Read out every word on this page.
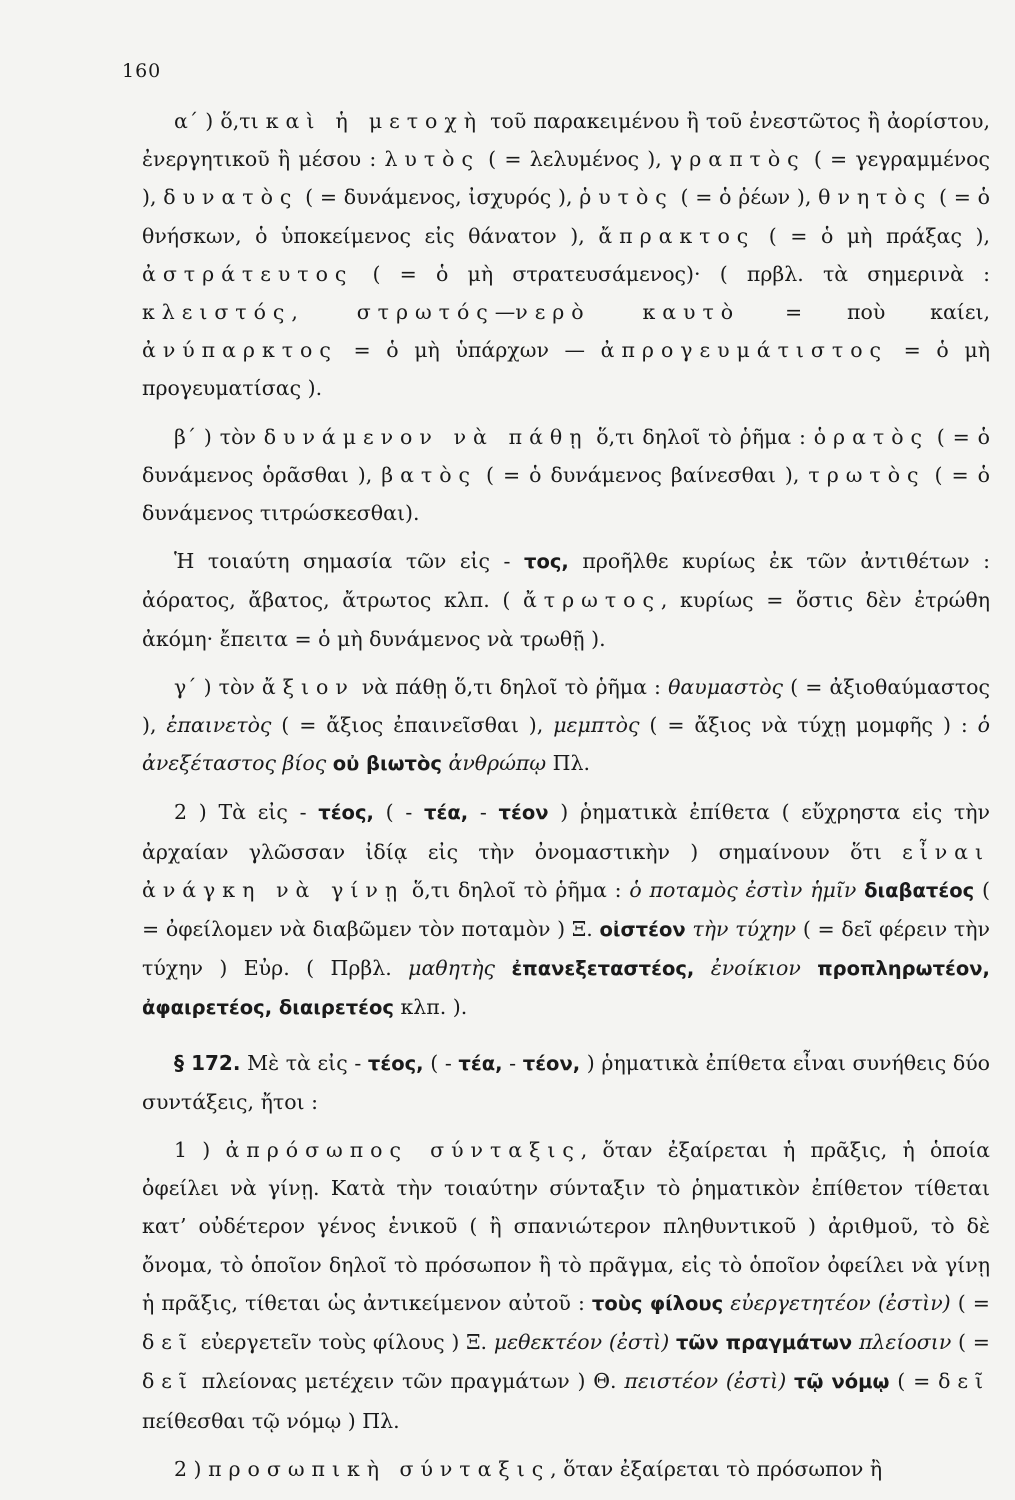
160

α΄ ) ὅ,τι καὶ ἡ μετοχὴ τοῦ παρακειμένου ἢ τοῦ ἐνεστῶτος ἢ ἀορίστου, ἐνεργητικοῦ ἢ μέσου : λυτὸς ( = λελυμένος ), γραπτὸς ( = γεγραμμένος ), δυνατὸς ( = δυνάμενος, ἰσχυρός ), ῥυτὸς ( = ὁ ῥέων ), θνητὸς ( = ὁ θνήσκων, ὁ ὑποκείμενος εἰς θάνατον ), ἄπρακτος ( = ὁ μὴ πράξας ), ἀστράτευτος ( = ὁ μὴ στρατευσάμενος)· ( πρβλ. τὰ σημερινὰ : κλειστός, στρωτός—νερὸ καυτὸ = ποὺ καίει, ἀνύπαρκτος = ὁ μὴ ὑπάρχων — ἀπρογευμάτιστος = ὁ μὴ προγευματίσας ).

β΄ ) τὸν δυνάμενον νὰ πάθῃ ὅ,τι δηλοῖ τὸ ῥῆμα : ὁρατὸς ( = ὁ δυνάμενος ὁρᾶσθαι ), βατὸς ( = ὁ δυνάμενος βαίνεσθαι ), τρωτὸς ( = ὁ δυνάμενος τιτρώσκεσθαι).

Ἡ τοιαύτη σημασία τῶν εἰς - τος, προῆλθε κυρίως ἐκ τῶν ἀντιθέτων : ἀόρατος, ἄβατος, ἄτρωτος κλπ. ( ἄτρωτος, κυρίως = ὅστις δὲν ἐτρώθη ἀκόμη· ἔπειτα = ὁ μὴ δυνάμενος νὰ τρωθῇ ).

γ΄ ) τὸν ἄξιον νὰ πάθῃ ὅ,τι δηλοῖ τὸ ῥῆμα : θαυμαστὸς ( = ἀξιοθαύμαστος ), ἐπαινετὸς ( = ἄξιος ἐπαινεῖσθαι ), μεμπτὸς ( = ἄξιος νὰ τύχῃ μομφῆς ) : ὁ ἀνεξέταστος βίος οὐ βιωτὸς ἀνθρώπῳ Πλ.

2 ) Τὰ εἰς - τέος, ( - τέα, - τέον ) ῥηματικὰ ἐπίθετα ( εὔχρηστα εἰς τὴν ἀρχαίαν γλῶσσαν ἰδίᾳ εἰς τὴν ὀνομαστικὴν ) σημαίνουν ὅτι εἶναι ἀνάγκη νὰ γίνῃ ὅ,τι δηλοῖ τὸ ῥῆμα : ὁ ποταμὸς ἐστὶν ἡμῖν διαβατέος ( = ὀφείλομεν νὰ διαβῶμεν τὸν ποταμὸν ) Ξ. οἰστέον τὴν τύχην ( = δεῖ φέρειν τὴν τύχην ) Εὐρ. ( Πρβλ. μαθητὴς ἐπανεξεταστέος, ἐνοίκιον προπληρωτέον, ἀφαιρετέος, διαιρετέος κλπ. ).

§ 172. Μὲ τὰ εἰς - τέος, ( - τέα, - τέον, ) ῥηματικὰ ἐπίθετα εἶναι συνήθεις δύο συντάξεις, ἤτοι :

1 ) ἀπρόσωπος σύνταξις, ὅταν ἐξαίρεται ἡ πρᾶξις, ἡ ὁποία ὀφείλει νὰ γίνῃ. Κατὰ τὴν τοιαύτην σύνταξιν τὸ ῥηματικὸν ἐπίθετον τίθεται κατ’ οὐδέτερον γένος ἑνικοῦ ( ἢ σπανιώτερον πληθυντικοῦ ) ἀριθμοῦ, τὸ δὲ ὄνομα, τὸ ὁποῖον δηλοῖ τὸ πρόσωπον ἢ τὸ πρᾶγμα, εἰς τὸ ὁποῖον ὀφείλει νὰ γίνῃ ἡ πρᾶξις, τίθεται ὡς ἀντικείμενον αὐτοῦ : τοὺς φίλους εὐεργετητέον (ἐστὶν) ( = δεῖ εὐεργετεῖν τοὺς φίλους ) Ξ. μεθεκτέον (ἐστὶ) τῶν πραγμάτων πλείοσιν ( = δεῖ πλείονας μετέχειν τῶν πραγμάτων ) Θ. πειστέον (ἐστὶ) τῷ νόμῳ ( = δεῖ πείθεσθαι τῷ νόμῳ ) Πλ.

2 ) προσωπικὴ σύνταξις, ὅταν ἐξαίρεται τὸ πρόσωπον ἢ
